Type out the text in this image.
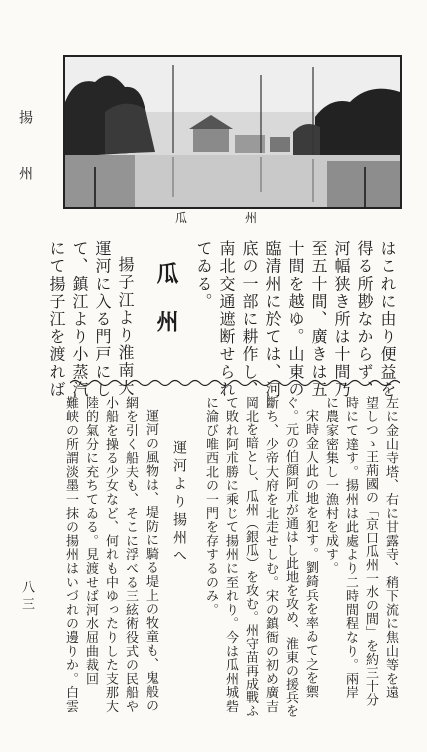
揚州
八三
瓜州
はこれに由り便益を
得る所尠なからず、
河幅狭き所は十間乃
至五十間、廣きは五
十間を越ゆ。山東の
臨清州に於ては、河
底の一部に耕作し、
南北交通遮断せられ
てゐる。
瓜州
揚子江より淮南大
運河に入る門戸にし
て、鎮江より小蒸汽
にて揚子江を渡れば
左に金山寺塔、右に甘露寺、稍下流に焦山等を遠
望しつゝ王荊國の「京口瓜州一水の間」を約三十分
時にて達す。揚州は此處より二時間程なり。兩岸
に農家密集し一漁村を成す。
宋時金人此の地を犯す。劉錡兵を率ゐて之を禦
ぐ。元の伯顔阿朮が通はし此地を攻め、淮東の援兵を
斷ち、少帝大府を北走せしむ。宋の鎮衙の初め廣吉
岡北を暗とし、瓜州（銀瓜）を攻む。州守苗再成戰ふ
て敗れ阿朮勝に乘じて揚州に至れり。今は瓜州城砦
に淪び唯西北の一門を存するのみ。
運河より揚州へ
運河の風物は、堤防に騎る堤上の牧童も、鬼般の
網を引く船夫も、そこに浮べる三絃術役式の民船や
小船を操る少女など、何れも中ゆったりした支那大
陸的氣分に充ちてゐる。見渡せば河水屈曲裁回
難峡の所謂淡墨一抹の揚州はいづれの邊りか。白雲
